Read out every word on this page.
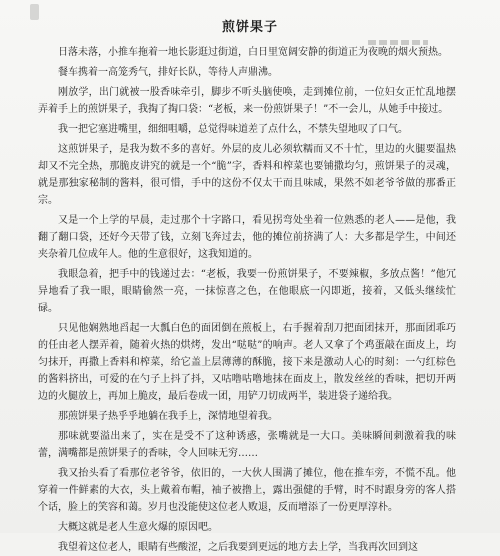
煎饼果子

日落未落，小推车拖着一地长影逛过街道，白日里宽阔安静的街道正为夜晚的烟火预热。

餐车携着一高笼秀气，排好长队，等待人声鼎沸。

刚放学，出门就被一股香味牵引，脚步不听头脑使唤，走到摊位前，一位妇女正忙乱地摆弄着手上的煎饼果子，我掏了掏口袋：“老板，来一份煎饼果子！”不一会儿，从她手中接过。

我一把它塞进嘴里，细细咀嚼，总觉得味道差了点什么，不禁失望地叹了口气。

这煎饼果子，是我为数不多的喜好。外层的皮儿必须软糯而又不十忙，里边的火腿要温热却又不完全热，那脆皮讲究的就是一个“脆”字，香料和榨菜也要铺撒均匀，煎饼果子的灵魂，就是那独家秘制的酱料，很可惜，手中的这份不仅太干而且味咸，果然不如老爷爷做的那番正宗。

又是一个上学的早晨，走过那个十字路口，看见拐弯处坐着一位熟悉的老人——是他，我翻了翻口袋，还好今天带了钱，立刻飞奔过去，他的摊位前挤满了人：大多都是学生，中间还夹杂着几位成年人。他的生意很好，这我知道的。

我眼急着，把手中的钱递过去：“老板，我要一份煎饼果子，不要辣椒，多放点酱！”他冗异地看了我一眼，眼睛偷然一亮，一抹惊喜之色，在他眼底一闪即逝，接着，又低头继续忙碌。

只见他娴熟地舀起一大瓢白色的面团倒在煎板上，右手握着刮刀把面团抹开，那面团乖巧的任由老人摆弄着，随着火热的烘烤，发出“哒哒”的响声。老人又拿了个鸡蛋敲在面皮上，均匀抹开，再撒上香料和榨菜，给它盖上层薄薄的酥脆，接下来是激动人心的时刻：一勺红棕色的酱料挤出，可爱的在勺子上抖了抖，又咕噜咕噜地抹在面皮上，散发丝丝的香味，把切开两边的火腿放上，再加上脆皮，最后卷成一团，用铲刀切成两半，装进袋子递给我。

那煎饼果子热乎乎地躺在我手上，深情地望着我。

那味就要溢出来了，实在是受不了这种诱惑，张嘴就是一大口。美味瞬间刺激着我的味蕾，满嘴都是煎饼果子的香味，令人回味无穷……

我又抬头看了看那位老爷爷，依旧的，一大伙人围满了摊位，他在推车旁，不慌不乱。他穿着一件鲜素的大衣，头上戴着布帽，袖子被撸上，露出强健的手臂，时不时跟身旁的客人搭个话，脸上的笑容和蔼。岁月也没能使这位老人败退，反而增添了一份更厚淳朴。

大概这就是老人生意火爆的原因吧。

我望着这位老人，眼睛有些酸涩，之后我要到更远的地方去上学，当我再次回到这
